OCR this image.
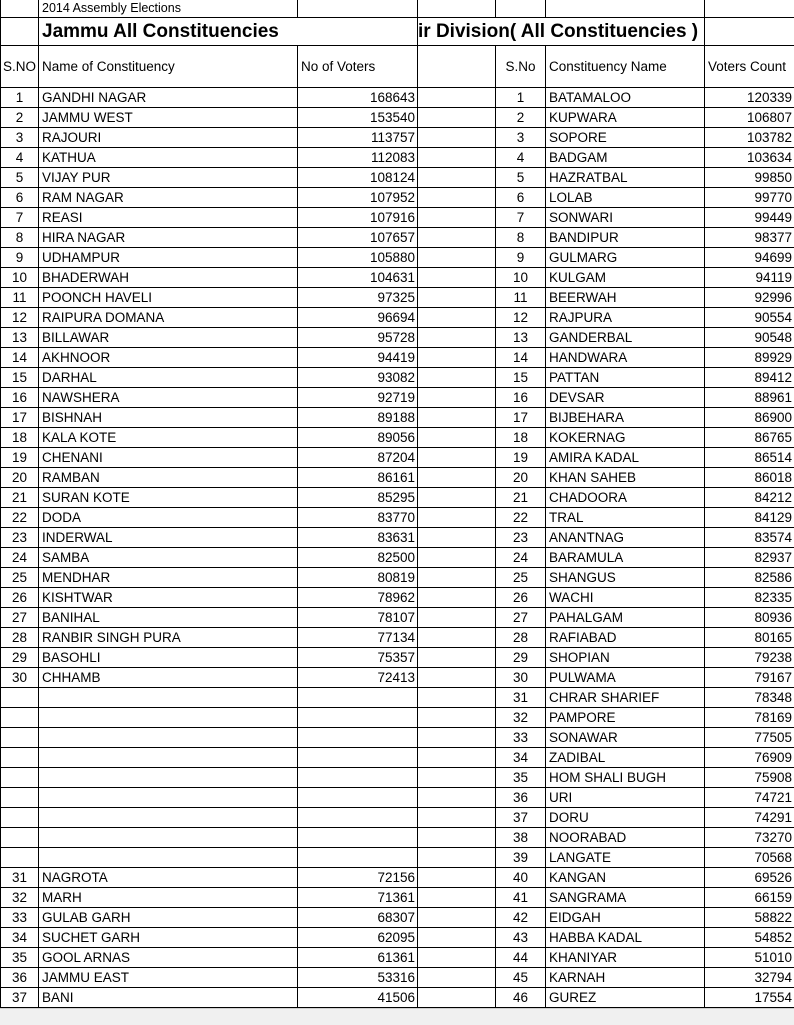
	2014 Assembly Elections					
	Jammu All Constituencies		ir Division( All Constituencies )			

S.NO	Name of Constituency	No of Voters		S.No	Constituency Name	Voters Count
1	GANDHI NAGAR	168643		1	BATAMALOO	120339
2	JAMMU WEST	153540		2	KUPWARA	106807
3	RAJOURI	113757		3	SOPORE	103782
4	KATHUA	112083		4	BADGAM	103634
5	VIJAY PUR	108124		5	HAZRATBAL	99850
6	RAM NAGAR	107952		6	LOLAB	99770
7	REASI	107916		7	SONWARI	99449
8	HIRA NAGAR	107657		8	BANDIPUR	98377
9	UDHAMPUR	105880		9	GULMARG	94699
10	BHADERWAH	104631		10	KULGAM	94119
11	POONCH HAVELI	97325		11	BEERWAH	92996
12	RAIPURA DOMANA	96694		12	RAJPURA	90554
13	BILLAWAR	95728		13	GANDERBAL	90548
14	AKHNOOR	94419		14	HANDWARA	89929
15	DARHAL	93082		15	PATTAN	89412
16	NAWSHERA	92719		16	DEVSAR	88961
17	BISHNAH	89188		17	BIJBEHARA	86900
18	KALA KOTE	89056		18	KOKERNAG	86765
19	CHENANI	87204		19	AMIRA KADAL	86514
20	RAMBAN	86161		20	KHAN SAHEB	86018
21	SURAN KOTE	85295		21	CHADOORA	84212
22	DODA	83770		22	TRAL	84129
23	INDERWAL	83631		23	ANANTNAG	83574
24	SAMBA	82500		24	BARAMULA	82937
25	MENDHAR	80819		25	SHANGUS	82586
26	KISHTWAR	78962		26	WACHI	82335
27	BANIHAL	78107		27	PAHALGAM	80936
28	RANBIR SINGH PURA	77134		28	RAFIABAD	80165
29	BASOHLI	75357		29	SHOPIAN	79238
30	CHHAMB	72413		30	PULWAMA	79167
				31	CHRAR SHARIEF	78348
				32	PAMPORE	78169
				33	SONAWAR	77505
				34	ZADIBAL	76909
				35	HOM SHALI BUGH	75908
				36	URI	74721
				37	DORU	74291
				38	NOORABAD	73270
				39	LANGATE	70568
31	NAGROTA	72156		40	KANGAN	69526
32	MARH	71361		41	SANGRAMA	66159
33	GULAB GARH	68307		42	EIDGAH	58822
34	SUCHET GARH	62095		43	HABBA KADAL	54852
35	GOOL ARNAS	61361		44	KHANIYAR	51010
36	JAMMU EAST	53316		45	KARNAH	32794
37	BANI	41506		46	GUREZ	17554
